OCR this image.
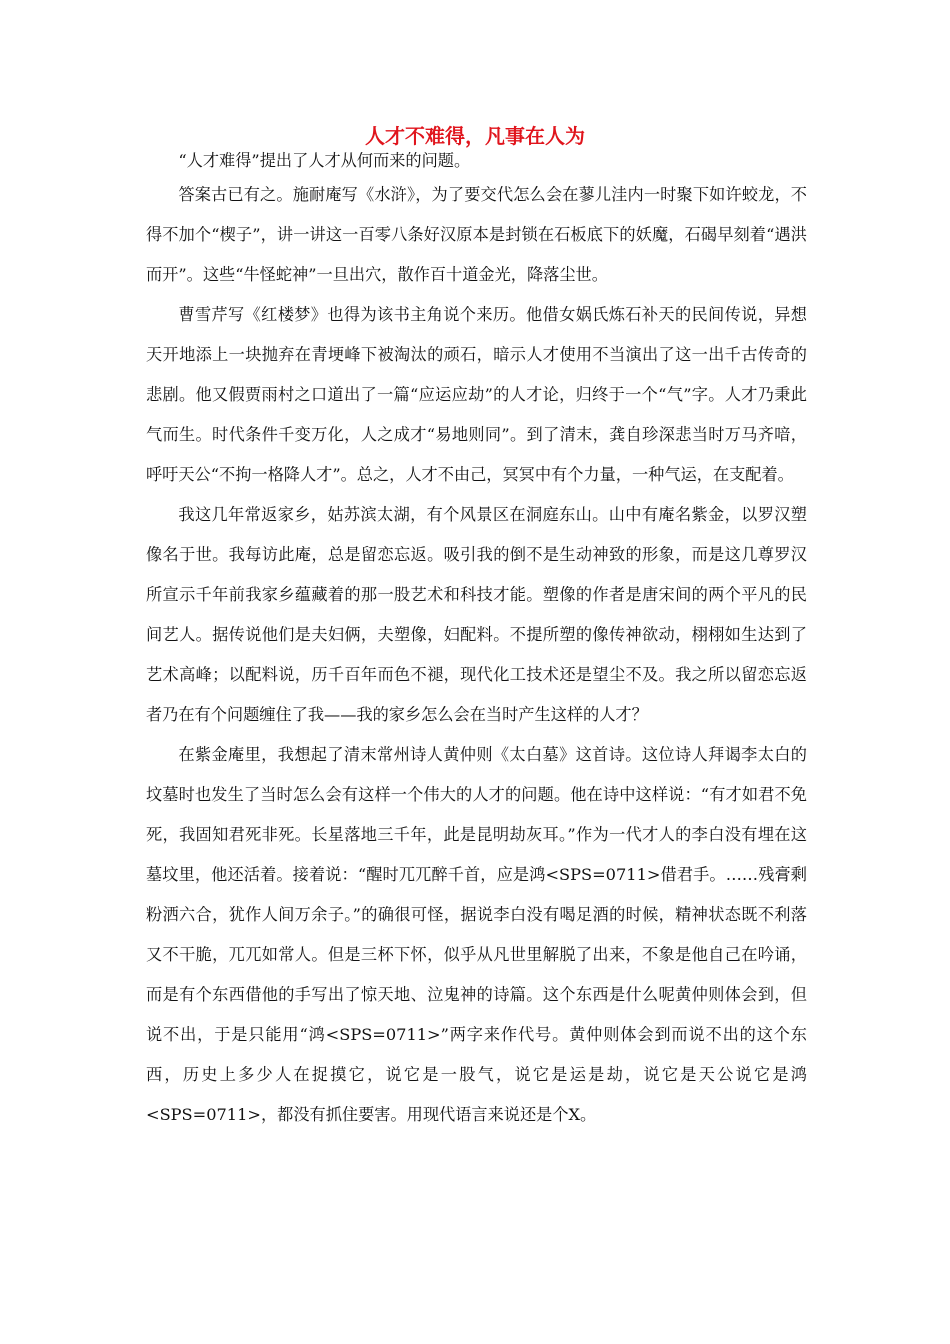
人才不难得，凡事在人为

“人才难得”提出了人才从何而来的问题。

答案古已有之。施耐庵写《水浒》，为了要交代怎么会在蓼儿洼内一时聚下如许蛟龙，不得不加个“楔子”，讲一讲这一百零八条好汉原本是封锁在石板底下的妖魔，石碣早刻着“遇洪而开”。这些“牛怪蛇神”一旦出穴，散作百十道金光，降落尘世。

曹雪芹写《红楼梦》也得为该书主角说个来历。他借女娲氏炼石补天的民间传说，异想天开地添上一块抛弃在青埂峰下被淘汰的顽石，暗示人才使用不当演出了这一出千古传奇的悲剧。他又假贾雨村之口道出了一篇“应运应劫”的人才论，归终于一个“气”字。人才乃秉此气而生。时代条件千变万化，人之成才“易地则同”。到了清末，龚自珍深悲当时万马齐喑，呼吁天公“不拘一格降人才”。总之，人才不由己，冥冥中有个力量，一种气运，在支配着。

我这几年常返家乡，姑苏滨太湖，有个风景区在洞庭东山。山中有庵名紫金，以罗汉塑像名于世。我每访此庵，总是留恋忘返。吸引我的倒不是生动神致的形象，而是这几尊罗汉所宣示千年前我家乡蕴藏着的那一股艺术和科技才能。塑像的作者是唐宋间的两个平凡的民间艺人。据传说他们是夫妇俩，夫塑像，妇配料。不提所塑的像传神欲动，栩栩如生达到了艺术高峰；以配料说，历千百年而色不褪，现代化工技术还是望尘不及。我之所以留恋忘返者乃在有个问题缠住了我——我的家乡怎么会在当时产生这样的人才？

在紫金庵里，我想起了清末常州诗人黄仲则《太白墓》这首诗。这位诗人拜谒李太白的坟墓时也发生了当时怎么会有这样一个伟大的人才的问题。他在诗中这样说：“有才如君不免死，我固知君死非死。长星落地三千年，此是昆明劫灰耳。”作为一代才人的李白没有埋在这墓坟里，他还活着。接着说：“醒时兀兀醉千首，应是鸿<SPS=0711>借君手。……残膏剩粉洒六合，犹作人间万余子。”的确很可怪，据说李白没有喝足酒的时候，精神状态既不利落又不干脆，兀兀如常人。但是三杯下怀，似乎从凡世里解脱了出来，不象是他自己在吟诵，而是有个东西借他的手写出了惊天地、泣鬼神的诗篇。这个东西是什么呢黄仲则体会到，但说不出，于是只能用“鸿<SPS=0711>”两字来作代号。黄仲则体会到而说不出的这个东西，历史上多少人在捉摸它，说它是一股气，说它是运是劫，说它是天公说它是鸿<SPS=0711>，都没有抓住要害。用现代语言来说还是个X。
